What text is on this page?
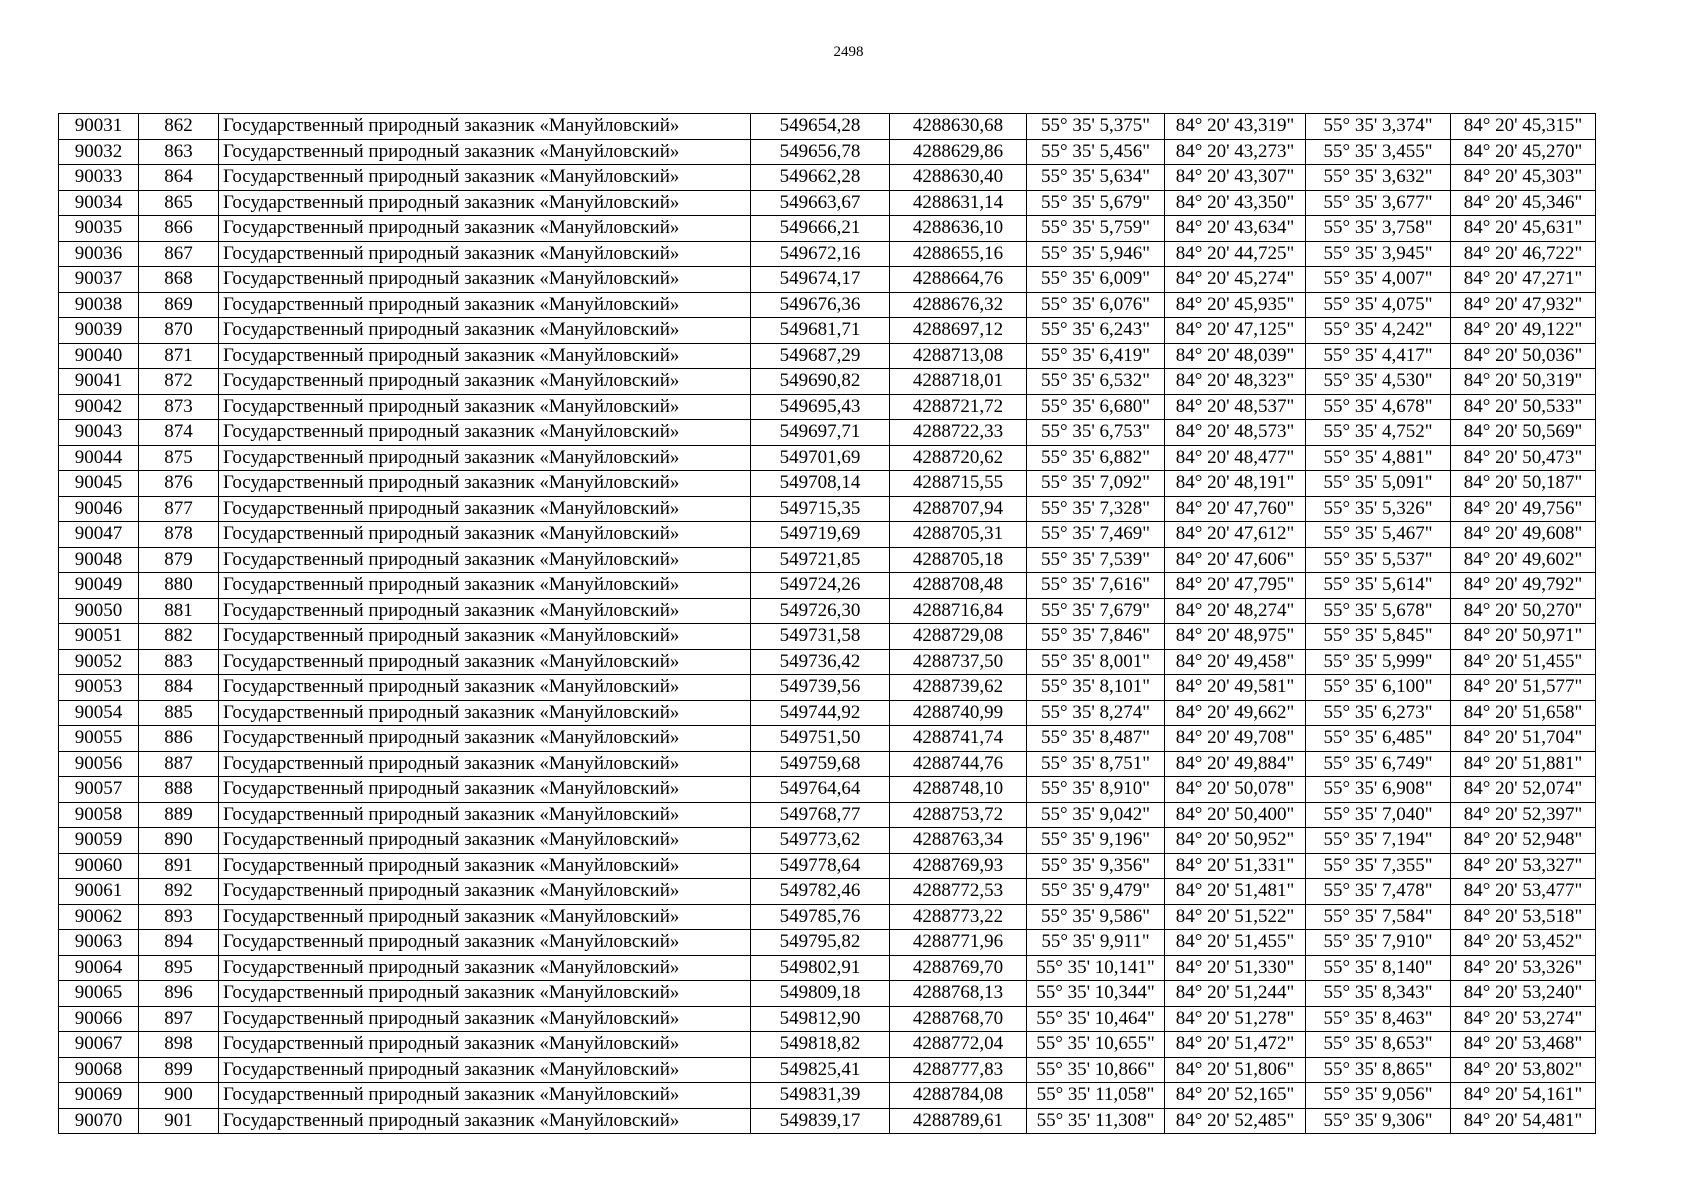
2498
90031	862	Государственный природный заказник «Мануйловский»	549654,28	4288630,68	55° 35' 5,375"	84° 20' 43,319"	55° 35' 3,374"	84° 20' 45,315"
90032	863	Государственный природный заказник «Мануйловский»	549656,78	4288629,86	55° 35' 5,456"	84° 20' 43,273"	55° 35' 3,455"	84° 20' 45,270"
90033	864	Государственный природный заказник «Мануйловский»	549662,28	4288630,40	55° 35' 5,634"	84° 20' 43,307"	55° 35' 3,632"	84° 20' 45,303"
90034	865	Государственный природный заказник «Мануйловский»	549663,67	4288631,14	55° 35' 5,679"	84° 20' 43,350"	55° 35' 3,677"	84° 20' 45,346"
90035	866	Государственный природный заказник «Мануйловский»	549666,21	4288636,10	55° 35' 5,759"	84° 20' 43,634"	55° 35' 3,758"	84° 20' 45,631"
90036	867	Государственный природный заказник «Мануйловский»	549672,16	4288655,16	55° 35' 5,946"	84° 20' 44,725"	55° 35' 3,945"	84° 20' 46,722"
90037	868	Государственный природный заказник «Мануйловский»	549674,17	4288664,76	55° 35' 6,009"	84° 20' 45,274"	55° 35' 4,007"	84° 20' 47,271"
90038	869	Государственный природный заказник «Мануйловский»	549676,36	4288676,32	55° 35' 6,076"	84° 20' 45,935"	55° 35' 4,075"	84° 20' 47,932"
90039	870	Государственный природный заказник «Мануйловский»	549681,71	4288697,12	55° 35' 6,243"	84° 20' 47,125"	55° 35' 4,242"	84° 20' 49,122"
90040	871	Государственный природный заказник «Мануйловский»	549687,29	4288713,08	55° 35' 6,419"	84° 20' 48,039"	55° 35' 4,417"	84° 20' 50,036"
90041	872	Государственный природный заказник «Мануйловский»	549690,82	4288718,01	55° 35' 6,532"	84° 20' 48,323"	55° 35' 4,530"	84° 20' 50,319"
90042	873	Государственный природный заказник «Мануйловский»	549695,43	4288721,72	55° 35' 6,680"	84° 20' 48,537"	55° 35' 4,678"	84° 20' 50,533"
90043	874	Государственный природный заказник «Мануйловский»	549697,71	4288722,33	55° 35' 6,753"	84° 20' 48,573"	55° 35' 4,752"	84° 20' 50,569"
90044	875	Государственный природный заказник «Мануйловский»	549701,69	4288720,62	55° 35' 6,882"	84° 20' 48,477"	55° 35' 4,881"	84° 20' 50,473"
90045	876	Государственный природный заказник «Мануйловский»	549708,14	4288715,55	55° 35' 7,092"	84° 20' 48,191"	55° 35' 5,091"	84° 20' 50,187"
90046	877	Государственный природный заказник «Мануйловский»	549715,35	4288707,94	55° 35' 7,328"	84° 20' 47,760"	55° 35' 5,326"	84° 20' 49,756"
90047	878	Государственный природный заказник «Мануйловский»	549719,69	4288705,31	55° 35' 7,469"	84° 20' 47,612"	55° 35' 5,467"	84° 20' 49,608"
90048	879	Государственный природный заказник «Мануйловский»	549721,85	4288705,18	55° 35' 7,539"	84° 20' 47,606"	55° 35' 5,537"	84° 20' 49,602"
90049	880	Государственный природный заказник «Мануйловский»	549724,26	4288708,48	55° 35' 7,616"	84° 20' 47,795"	55° 35' 5,614"	84° 20' 49,792"
90050	881	Государственный природный заказник «Мануйловский»	549726,30	4288716,84	55° 35' 7,679"	84° 20' 48,274"	55° 35' 5,678"	84° 20' 50,270"
90051	882	Государственный природный заказник «Мануйловский»	549731,58	4288729,08	55° 35' 7,846"	84° 20' 48,975"	55° 35' 5,845"	84° 20' 50,971"
90052	883	Государственный природный заказник «Мануйловский»	549736,42	4288737,50	55° 35' 8,001"	84° 20' 49,458"	55° 35' 5,999"	84° 20' 51,455"
90053	884	Государственный природный заказник «Мануйловский»	549739,56	4288739,62	55° 35' 8,101"	84° 20' 49,581"	55° 35' 6,100"	84° 20' 51,577"
90054	885	Государственный природный заказник «Мануйловский»	549744,92	4288740,99	55° 35' 8,274"	84° 20' 49,662"	55° 35' 6,273"	84° 20' 51,658"
90055	886	Государственный природный заказник «Мануйловский»	549751,50	4288741,74	55° 35' 8,487"	84° 20' 49,708"	55° 35' 6,485"	84° 20' 51,704"
90056	887	Государственный природный заказник «Мануйловский»	549759,68	4288744,76	55° 35' 8,751"	84° 20' 49,884"	55° 35' 6,749"	84° 20' 51,881"
90057	888	Государственный природный заказник «Мануйловский»	549764,64	4288748,10	55° 35' 8,910"	84° 20' 50,078"	55° 35' 6,908"	84° 20' 52,074"
90058	889	Государственный природный заказник «Мануйловский»	549768,77	4288753,72	55° 35' 9,042"	84° 20' 50,400"	55° 35' 7,040"	84° 20' 52,397"
90059	890	Государственный природный заказник «Мануйловский»	549773,62	4288763,34	55° 35' 9,196"	84° 20' 50,952"	55° 35' 7,194"	84° 20' 52,948"
90060	891	Государственный природный заказник «Мануйловский»	549778,64	4288769,93	55° 35' 9,356"	84° 20' 51,331"	55° 35' 7,355"	84° 20' 53,327"
90061	892	Государственный природный заказник «Мануйловский»	549782,46	4288772,53	55° 35' 9,479"	84° 20' 51,481"	55° 35' 7,478"	84° 20' 53,477"
90062	893	Государственный природный заказник «Мануйловский»	549785,76	4288773,22	55° 35' 9,586"	84° 20' 51,522"	55° 35' 7,584"	84° 20' 53,518"
90063	894	Государственный природный заказник «Мануйловский»	549795,82	4288771,96	55° 35' 9,911"	84° 20' 51,455"	55° 35' 7,910"	84° 20' 53,452"
90064	895	Государственный природный заказник «Мануйловский»	549802,91	4288769,70	55° 35' 10,141"	84° 20' 51,330"	55° 35' 8,140"	84° 20' 53,326"
90065	896	Государственный природный заказник «Мануйловский»	549809,18	4288768,13	55° 35' 10,344"	84° 20' 51,244"	55° 35' 8,343"	84° 20' 53,240"
90066	897	Государственный природный заказник «Мануйловский»	549812,90	4288768,70	55° 35' 10,464"	84° 20' 51,278"	55° 35' 8,463"	84° 20' 53,274"
90067	898	Государственный природный заказник «Мануйловский»	549818,82	4288772,04	55° 35' 10,655"	84° 20' 51,472"	55° 35' 8,653"	84° 20' 53,468"
90068	899	Государственный природный заказник «Мануйловский»	549825,41	4288777,83	55° 35' 10,866"	84° 20' 51,806"	55° 35' 8,865"	84° 20' 53,802"
90069	900	Государственный природный заказник «Мануйловский»	549831,39	4288784,08	55° 35' 11,058"	84° 20' 52,165"	55° 35' 9,056"	84° 20' 54,161"
90070	901	Государственный природный заказник «Мануйловский»	549839,17	4288789,61	55° 35' 11,308"	84° 20' 52,485"	55° 35' 9,306"	84° 20' 54,481"
